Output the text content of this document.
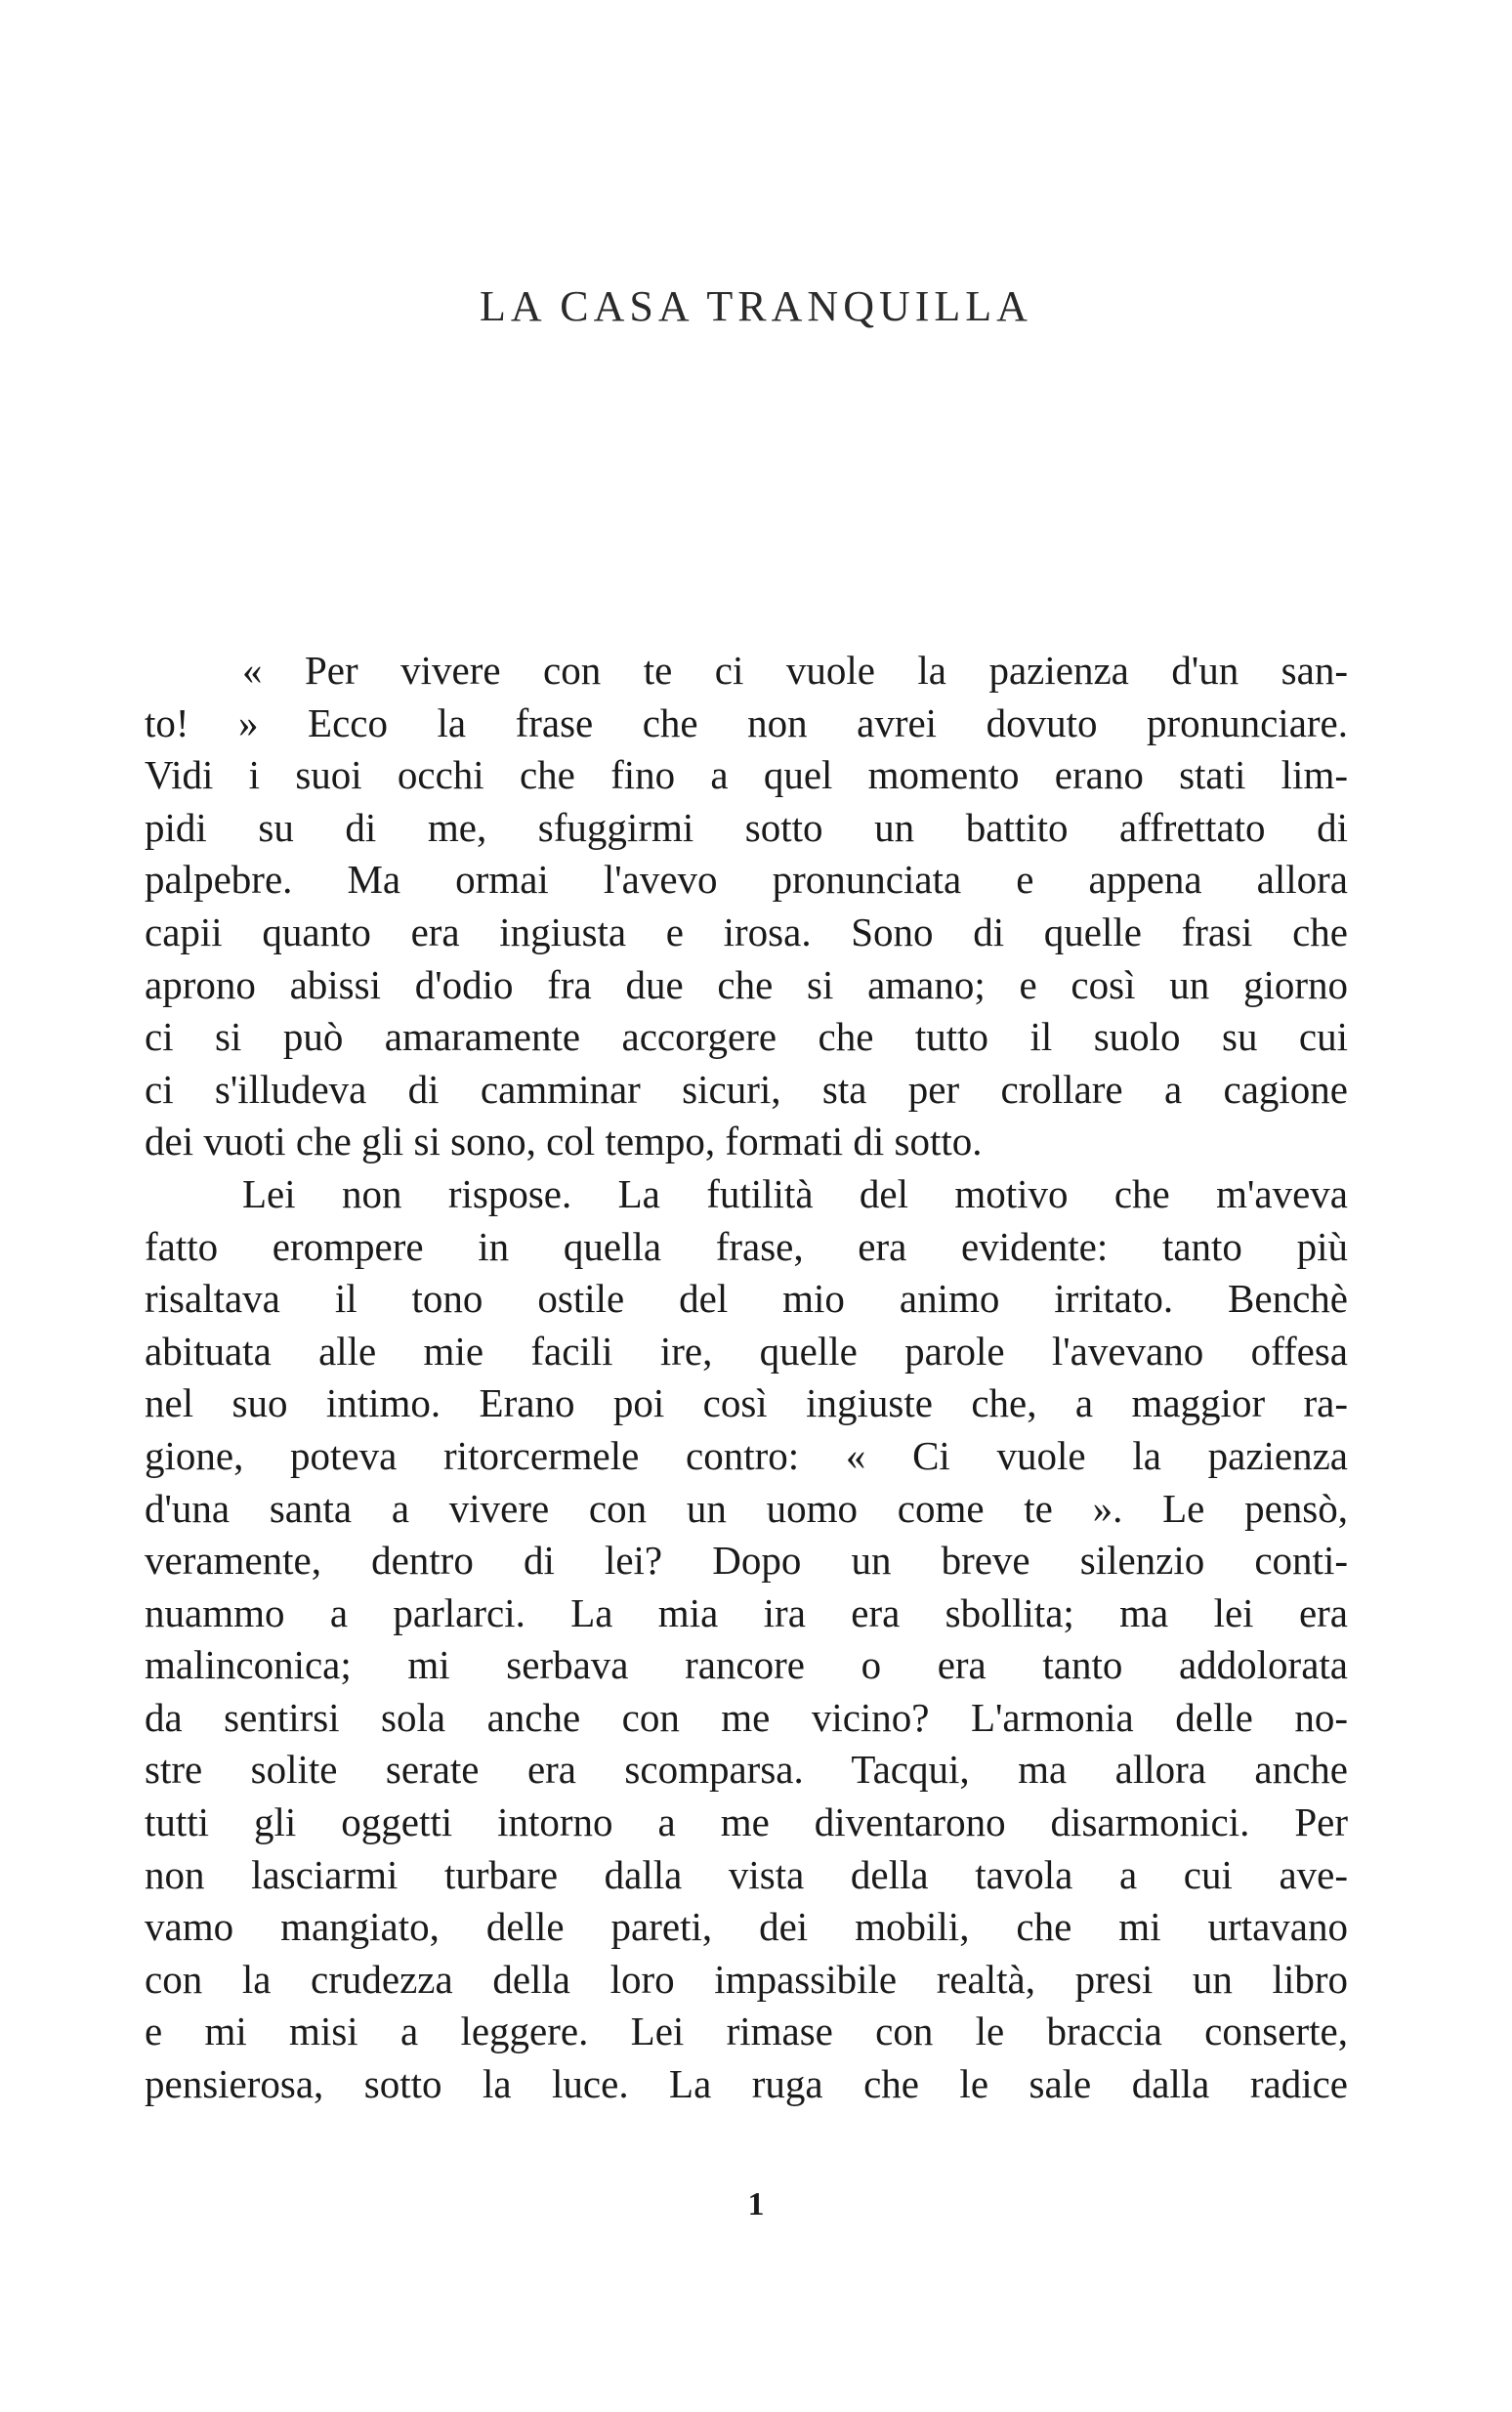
LA CASA TRANQUILLA
« Per vivere con te ci vuole la pazienza d'un san-
to! » Ecco la frase che non avrei dovuto pronunciare.
Vidi i suoi occhi che fino a quel momento erano stati lim-
pidi su di me, sfuggirmi sotto un battito affrettato di
palpebre. Ma ormai l'avevo pronunciata e appena allora
capii quanto era ingiusta e irosa. Sono di quelle frasi che
aprono abissi d'odio fra due che si amano; e così un giorno
ci si può amaramente accorgere che tutto il suolo su cui
ci s'illudeva di camminar sicuri, sta per crollare a cagione
dei vuoti che gli si sono, col tempo, formati di sotto.
Lei non rispose. La futilità del motivo che m'aveva
fatto erompere in quella frase, era evidente: tanto più
risaltava il tono ostile del mio animo irritato. Benchè
abituata alle mie facili ire, quelle parole l'avevano offesa
nel suo intimo. Erano poi così ingiuste che, a maggior ra-
gione, poteva ritorcermele contro: « Ci vuole la pazienza
d'una santa a vivere con un uomo come te ». Le pensò,
veramente, dentro di lei? Dopo un breve silenzio conti-
nuammo a parlarci. La mia ira era sbollita; ma lei era
malinconica; mi serbava rancore o era tanto addolorata
da sentirsi sola anche con me vicino? L'armonia delle no-
stre solite serate era scomparsa. Tacqui, ma allora anche
tutti gli oggetti intorno a me diventarono disarmonici. Per
non lasciarmi turbare dalla vista della tavola a cui ave-
vamo mangiato, delle pareti, dei mobili, che mi urtavano
con la crudezza della loro impassibile realtà, presi un libro
e mi misi a leggere. Lei rimase con le braccia conserte,
pensierosa, sotto la luce. La ruga che le sale dalla radice
1
